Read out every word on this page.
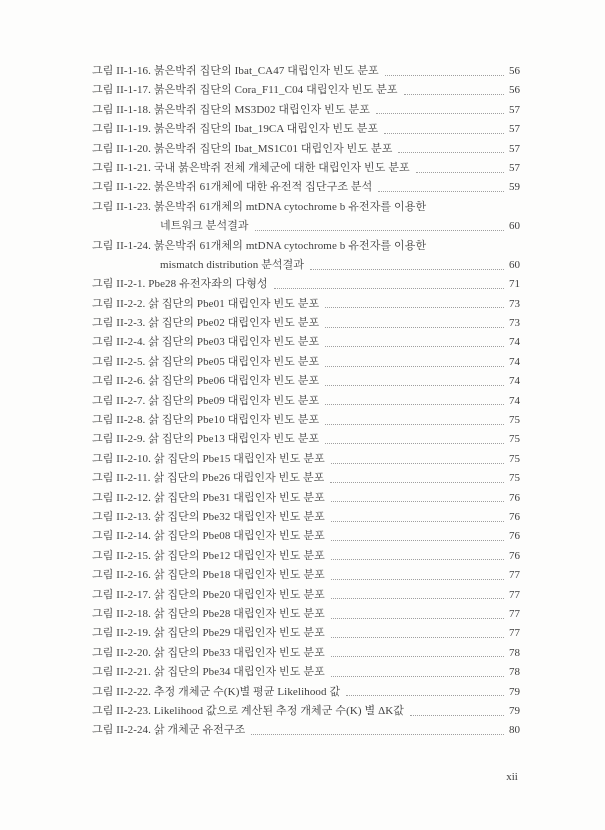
그림 II-1-16. 붉은박쥐 집단의 Ibat_CA47 대립인자 빈도 분포	56
그림 II-1-17. 붉은박쥐 집단의 Cora_F11_C04 대립인자 빈도 분포	56
그림 II-1-18. 붉은박쥐 집단의 MS3D02 대립인자 빈도 분포	57
그림 II-1-19. 붉은박쥐 집단의 Ibat_19CA 대립인자 빈도 분포	57
그림 II-1-20. 붉은박쥐 집단의 Ibat_MS1C01 대립인자 빈도 분포	57
그림 II-1-21. 국내 붉은박쥐 전체 개체군에 대한 대립인자 빈도 분포	57
그림 II-1-22. 붉은박쥐 61개체에 대한 유전적 집단구조 분석	59
그림 II-1-23. 붉은박쥐 61개체의 mtDNA cytochrome b 유전자를 이용한
네트워크 분석결과	60
그림 II-1-24. 붉은박쥐 61개체의 mtDNA cytochrome b 유전자를 이용한
mismatch distribution 분석결과	60
그림 II-2-1. Pbe28 유전자좌의 다형성	71
그림 II-2-2. 삵 집단의 Pbe01 대립인자 빈도 분포	73
그림 II-2-3. 삵 집단의 Pbe02 대립인자 빈도 분포	73
그림 II-2-4. 삵 집단의 Pbe03 대립인자 빈도 분포	74
그림 II-2-5. 삵 집단의 Pbe05 대립인자 빈도 분포	74
그림 II-2-6. 삵 집단의 Pbe06 대립인자 빈도 분포	74
그림 II-2-7. 삵 집단의 Pbe09 대립인자 빈도 분포	74
그림 II-2-8. 삵 집단의 Pbe10 대립인자 빈도 분포	75
그림 II-2-9. 삵 집단의 Pbe13 대립인자 빈도 분포	75
그림 II-2-10. 삵 집단의 Pbe15 대립인자 빈도 분포	75
그림 II-2-11. 삵 집단의 Pbe26 대립인자 빈도 분포	75
그림 II-2-12. 삵 집단의 Pbe31 대립인자 빈도 분포	76
그림 II-2-13. 삵 집단의 Pbe32 대립인자 빈도 분포	76
그림 II-2-14. 삵 집단의 Pbe08 대립인자 빈도 분포	76
그림 II-2-15. 삵 집단의 Pbe12 대립인자 빈도 분포	76
그림 II-2-16. 삵 집단의 Pbe18 대립인자 빈도 분포	77
그림 II-2-17. 삵 집단의 Pbe20 대립인자 빈도 분포	77
그림 II-2-18. 삵 집단의 Pbe28 대립인자 빈도 분포	77
그림 II-2-19. 삵 집단의 Pbe29 대립인자 빈도 분포	77
그림 II-2-20. 삵 집단의 Pbe33 대립인자 빈도 분포	78
그림 II-2-21. 삵 집단의 Pbe34 대립인자 빈도 분포	78
그림 II-2-22. 추정 개체군 수(K)별 평균 Likelihood 값	79
그림 II-2-23. Likelihood 값으로 계산된 추정 개체군 수(K) 별 ΔK값	79
그림 II-2-24. 삵 개체군 유전구조	80
xii
